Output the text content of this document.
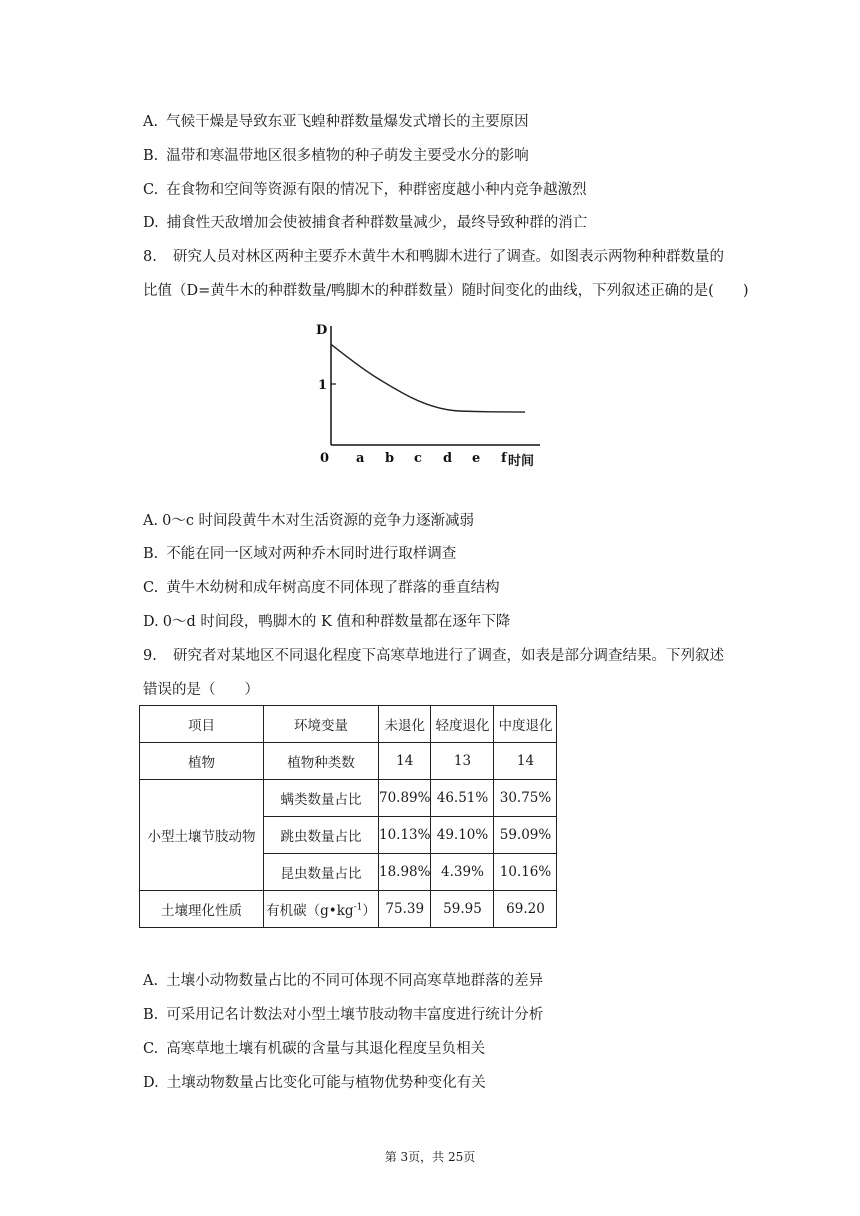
A. 气候干燥是导致东亚飞蝗种群数量爆发式增长的主要原因
B. 温带和寒温带地区很多植物的种子萌发主要受水分的影响
C. 在食物和空间等资源有限的情况下，种群密度越小种内竞争越激烈
D. 捕食性天敌增加会使被捕食者种群数量减少，最终导致种群的消亡
8. 研究人员对林区两种主要乔木黄牛木和鸭脚木进行了调查。如图表示两物种种群数量的
比值（D=黄牛木的种群数量/鸭脚木的种群数量）随时间变化的曲线，下列叙述正确的是(　　)
D
1
0 a b c d e f 时间
A. 0～c 时间段黄牛木对生活资源的竞争力逐渐减弱
B. 不能在同一区域对两种乔木同时进行取样调查
C. 黄牛木幼树和成年树高度不同体现了群落的垂直结构
D. 0～d 时间段，鸭脚木的 K 值和种群数量都在逐年下降
9. 研究者对某地区不同退化程度下高寒草地进行了调查，如表是部分调查结果。下列叙述
错误的是（　　）
项目	环境变量	未退化	轻度退化	中度退化
植物	植物种类数	14	13	14
小型土壤节肢动物	螨类数量占比	70.89%	46.51%	30.75%
	跳虫数量占比	10.13%	49.10%	59.09%
	昆虫数量占比	18.98%	4.39%	10.16%
土壤理化性质	有机碳$(g•kg^{-1})$	75.39	59.95	69.20
A. 土壤小动物数量占比的不同可体现不同高寒草地群落的差异
B. 可采用记名计数法对小型土壤节肢动物丰富度进行统计分析
C. 高寒草地土壤有机碳的含量与其退化程度呈负相关
D. 土壤动物数量占比变化可能与植物优势种变化有关
第 3页，共 25页
